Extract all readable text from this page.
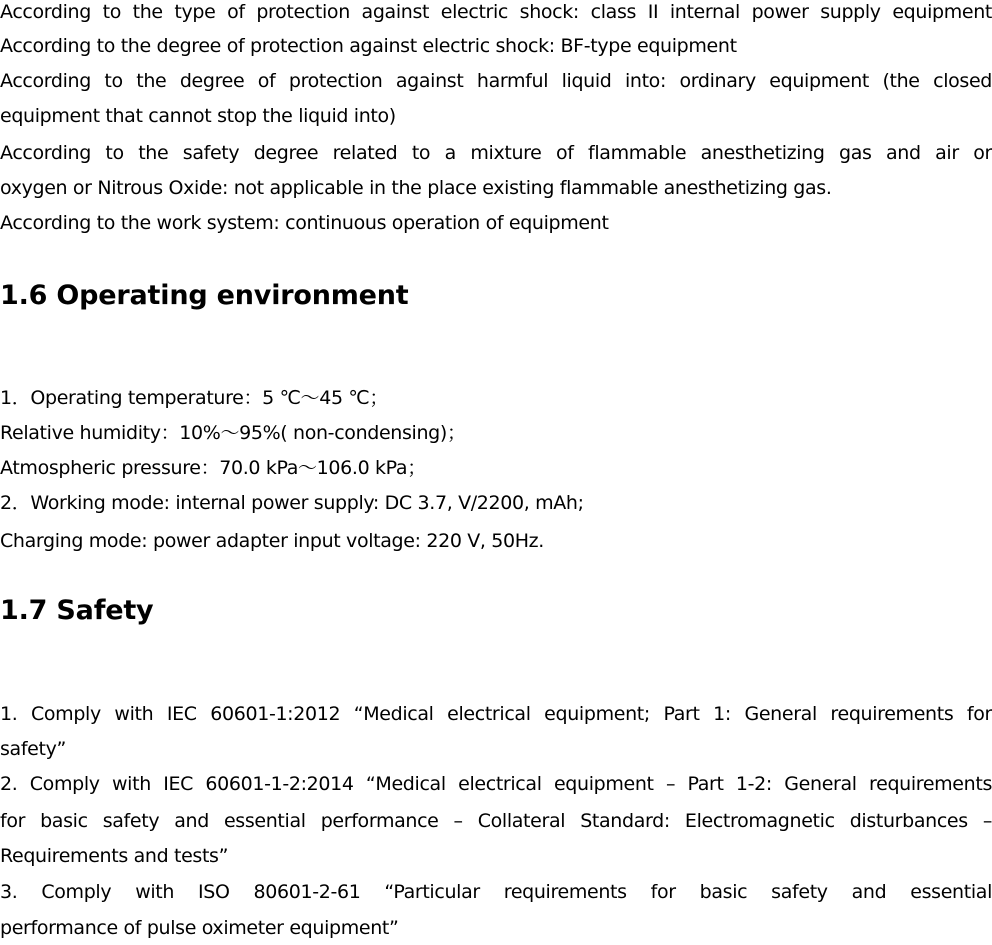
According to the type of protection against electric shock: class II internal power supply equipment
According to the degree of protection against electric shock: BF-type equipment
According to the degree of protection against harmful liquid into: ordinary equipment (the closed
equipment that cannot stop the liquid into)
According to the safety degree related to a mixture of flammable anesthetizing gas and air or
oxygen or Nitrous Oxide: not applicable in the place existing flammable anesthetizing gas.
According to the work system: continuous operation of equipment
1.6 Operating environment
1．Operating temperature：5 ℃～45 ℃；
Relative humidity：10%～95%( non-condensing)；
Atmospheric pressure：70.0 kPa～106.0 kPa；
2．Working mode: internal power supply: DC 3.7, V/2200, mAh;
Charging mode: power adapter input voltage: 220 V, 50Hz.
1.7 Safety
1. Comply with IEC 60601-1:2012 “Medical electrical equipment; Part 1: General requirements for
safety”
2. Comply with IEC 60601-1-2:2014 “Medical electrical equipment – Part 1-2: General requirements
for basic safety and essential performance – Collateral Standard: Electromagnetic disturbances –
Requirements and tests”
3. Comply with ISO 80601-2-61 “Particular requirements for basic safety and essential
performance of pulse oximeter equipment”
